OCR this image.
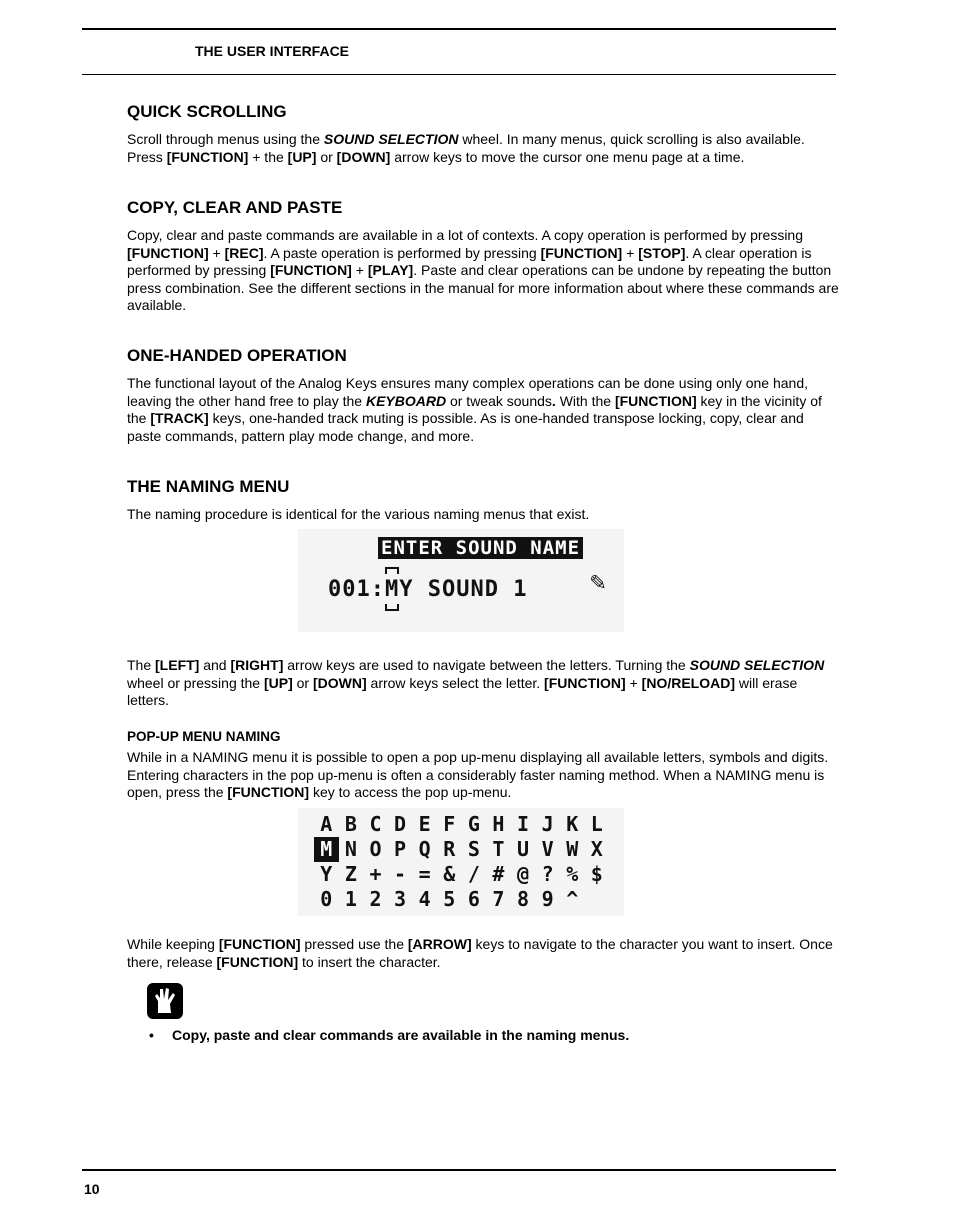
THE USER INTERFACE
QUICK SCROLLING

Scroll through menus using the SOUND SELECTION wheel. In many menus, quick scrolling is also available. Press [FUNCTION] + the [UP] or [DOWN] arrow keys to move the cursor one menu page at a time.

COPY, CLEAR AND PASTE

Copy, clear and paste commands are available in a lot of contexts. A copy operation is performed by pressing [FUNCTION] + [REC]. A paste operation is performed by pressing [FUNCTION] + [STOP]. A clear operation is performed by pressing [FUNCTION] + [PLAY]. Paste and clear operations can be undone by repeating the button press combination. See the different sections in the manual for more information about where these commands are available.

ONE-HANDED OPERATION

The functional layout of the Analog Keys ensures many complex operations can be done using only one hand, leaving the other hand free to play the KEYBOARD or tweak sounds. With the [FUNCTION] key in the vicinity of the [TRACK] keys, one-handed track muting is possible. As is one-handed transpose locking, copy, clear and paste commands, pattern play mode change, and more.

THE NAMING MENU

The naming procedure is identical for the various naming menus that exist.

ENTER SOUND NAME
001:
M
Y SOUND 1 ✎

The [LEFT] and [RIGHT] arrow keys are used to navigate between the letters. Turning the SOUND SELECTION wheel or pressing the [UP] or [DOWN] arrow keys select the letter. [FUNCTION] + [NO/RELOAD] will erase letters.

POP-UP MENU NAMING

While in a NAMING menu it is possible to open a pop up-menu displaying all available letters, symbols and digits. Entering characters in the pop up-menu is often a considerably faster naming method. When a NAMING menu is open, press the [FUNCTION] key to access the pop up-menu.

A B C D E F G H I J K L
M N O P Q R S T U V W X
Y Z + - = & / # @ ? % $
0 1 2 3 4 5 6 7 8 9 ^

While keeping [FUNCTION] pressed use the [ARROW] keys to navigate to the character you want to insert. Once there, release [FUNCTION] to insert the character.

• Copy, paste and clear commands are available in the naming menus.
10
